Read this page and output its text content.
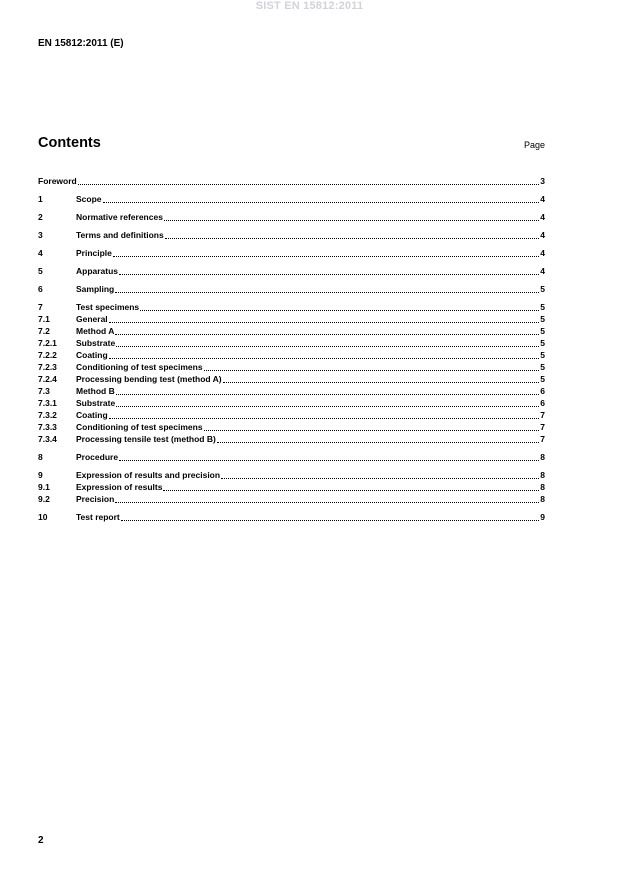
SIST EN 15812:2011
EN 15812:2011 (E)
Contents	Page
Foreword	3
1	Scope	4
2	Normative references	4
3	Terms and definitions	4
4	Principle	4
5	Apparatus	4
6	Sampling	5
7	Test specimens	5
7.1	General	5
7.2	Method A	5
7.2.1 Substrate	5
7.2.2 Coating	5
7.2.3 Conditioning of test specimens	5
7.2.4 Processing bending test (method A)	5
7.3	Method B	6
7.3.1 Substrate	6
7.3.2 Coating	7
7.3.3 Conditioning of test specimens	7
7.3.4 Processing tensile test (method B)	7
8	Procedure	8
9	Expression of results and precision	8
9.1	Expression of results	8
9.2	Precision	8
10	Test report	9
2
